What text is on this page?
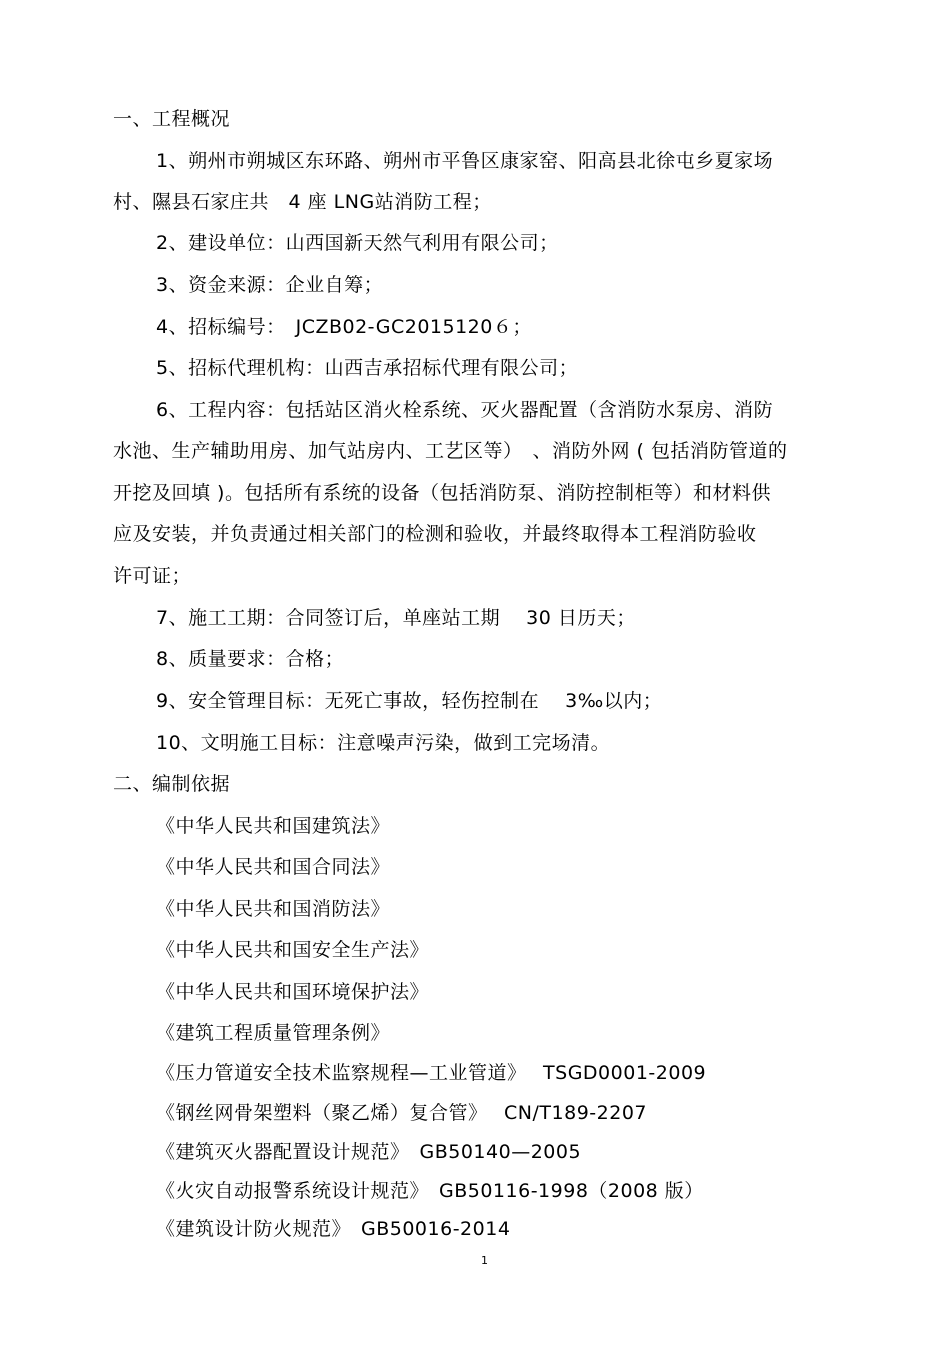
一、工程概况
1、朔州市朔城区东环路、朔州市平鲁区康家窑、阳高县北徐屯乡夏家场
村、隰县石家庄共　4 座 LNG站消防工程；
2、建设单位：山西国新天然气利用有限公司；
3、资金来源：企业自筹；
4、招标编号：　JCZB02-GC2015120６；
5、招标代理机构：山西吉承招标代理有限公司；
6、工程内容：包括站区消火栓系统、灭火器配置（含消防水泵房、消防
水池、生产辅助用房、加气站房内、工艺区等）　、消防外网 ( 包括消防管道的
开挖及回填 )。包括所有系统的设备（包括消防泵、消防控制柜等）和材料供
应及安装，并负责通过相关部门的检测和验收，并最终取得本工程消防验收
许可证；
7、施工工期：合同签订后，单座站工期　 30 日历天；
8、质量要求：合格；
9、安全管理目标：无死亡事故，轻伤控制在　 3‰以内；
10、文明施工目标：注意噪声污染，做到工完场清。
二、编制依据
《中华人民共和国建筑法》
《中华人民共和国合同法》
《中华人民共和国消防法》
《中华人民共和国安全生产法》
《中华人民共和国环境保护法》
《建筑工程质量管理条例》
《压力管道安全技术监察规程—工业管道》　 TSGD0001-2009
《钢丝网骨架塑料（聚乙烯）复合管》　 CN/T189-2207
《建筑灭火器配置设计规范》　GB50140—2005
《火灾自动报警系统设计规范》　GB50116-1998（2008 版）
《建筑设计防火规范》　GB50016-2014
1
